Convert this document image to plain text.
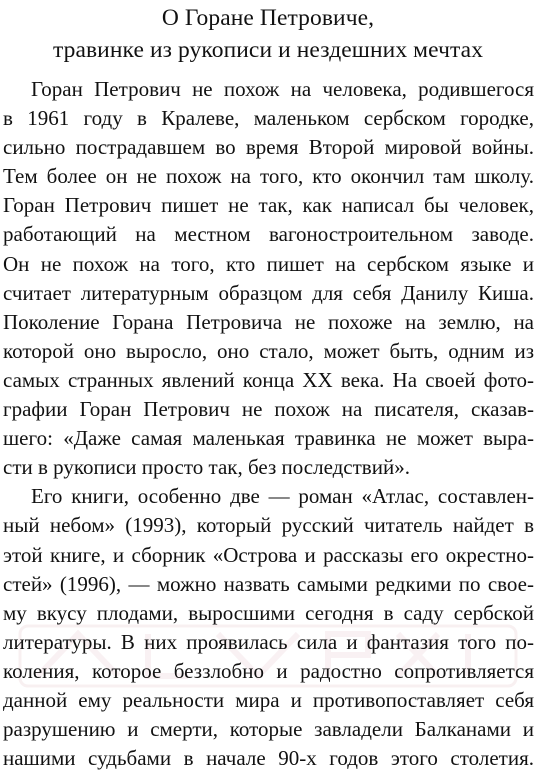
О Горане Петровиче,
травинке из рукописи и нездешних мечтах
Горан Петрович не похож на человека, родившегося
в 1961 году в Кралеве, маленьком сербском городке,
сильно пострадавшем во время Второй мировой войны.
Тем более он не похож на того, кто окончил там школу.
Горан Петрович пишет не так, как написал бы человек,
работающий на местном вагоностроительном заводе.
Он не похож на того, кто пишет на сербском языке и
считает литературным образцом для себя Данилу Киша.
Поколение Горана Петровича не похоже на землю, на
которой оно выросло, оно стало, может быть, одним из
самых странных явлений конца XX века. На своей фото-
графии Горан Петрович не похож на писателя, сказав-
шего: «Даже самая маленькая травинка не может выра-
сти в рукописи просто так, без последствий».
Его книги, особенно две — роман «Атлас, составлен-
ный небом» (1993), который русский читатель найдет в
этой книге, и сборник «Острова и рассказы его окрестно-
стей» (1996), — можно назвать самыми редкими по свое-
му вкусу плодами, выросшими сегодня в саду сербской
литературы. В них проявилась сила и фантазия того по-
коления, которое беззлобно и радостно сопротивляется
данной ему реальности мира и противопоставляет себя
разрушению и смерти, которые завладели Балканами и
нашими судьбами в начале 90-х годов этого столетия.
